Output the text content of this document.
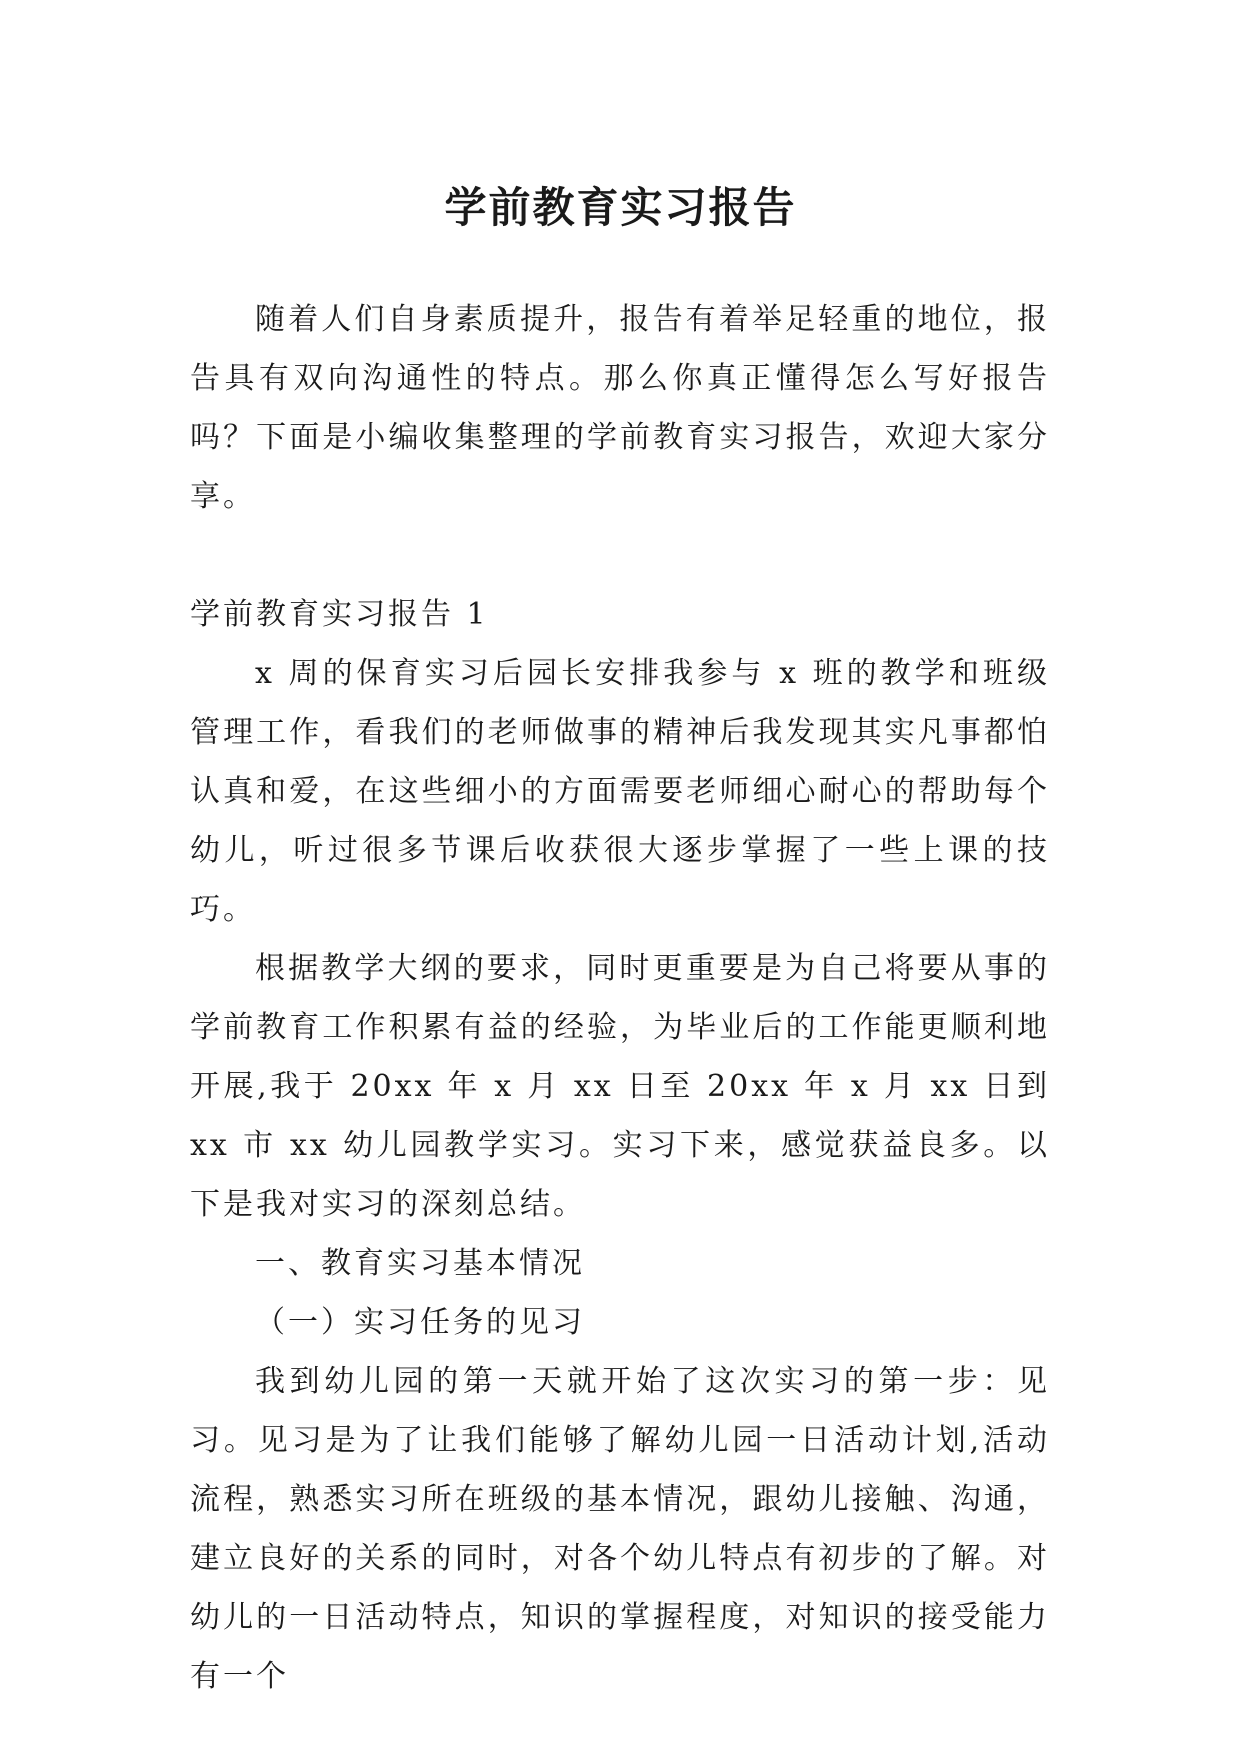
学前教育实习报告

随着人们自身素质提升，报告有着举足轻重的地位，报告具有双向沟通性的特点。那么你真正懂得怎么写好报告吗？下面是小编收集整理的学前教育实习报告，欢迎大家分享。

学前教育实习报告 1

x 周的保育实习后园长安排我参与 x 班的教学和班级管理工作，看我们的老师做事的精神后我发现其实凡事都怕认真和爱，在这些细小的方面需要老师细心耐心的帮助每个幼儿，听过很多节课后收获很大逐步掌握了一些上课的技巧。

根据教学大纲的要求，同时更重要是为自己将要从事的学前教育工作积累有益的经验，为毕业后的工作能更顺利地开展,我于 20xx 年 x 月 xx 日至 20xx 年 x 月 xx 日到 xx 市 xx 幼儿园教学实习。实习下来，感觉获益良多。以下是我对实习的深刻总结。

一、教育实习基本情况

（一）实习任务的见习

我到幼儿园的第一天就开始了这次实习的第一步：见习。见习是为了让我们能够了解幼儿园一日活动计划,活动流程，熟悉实习所在班级的基本情况，跟幼儿接触、沟通，建立良好的关系的同时，对各个幼儿特点有初步的了解。对幼儿的一日活动特点，知识的掌握程度，对知识的接受能力有一个
